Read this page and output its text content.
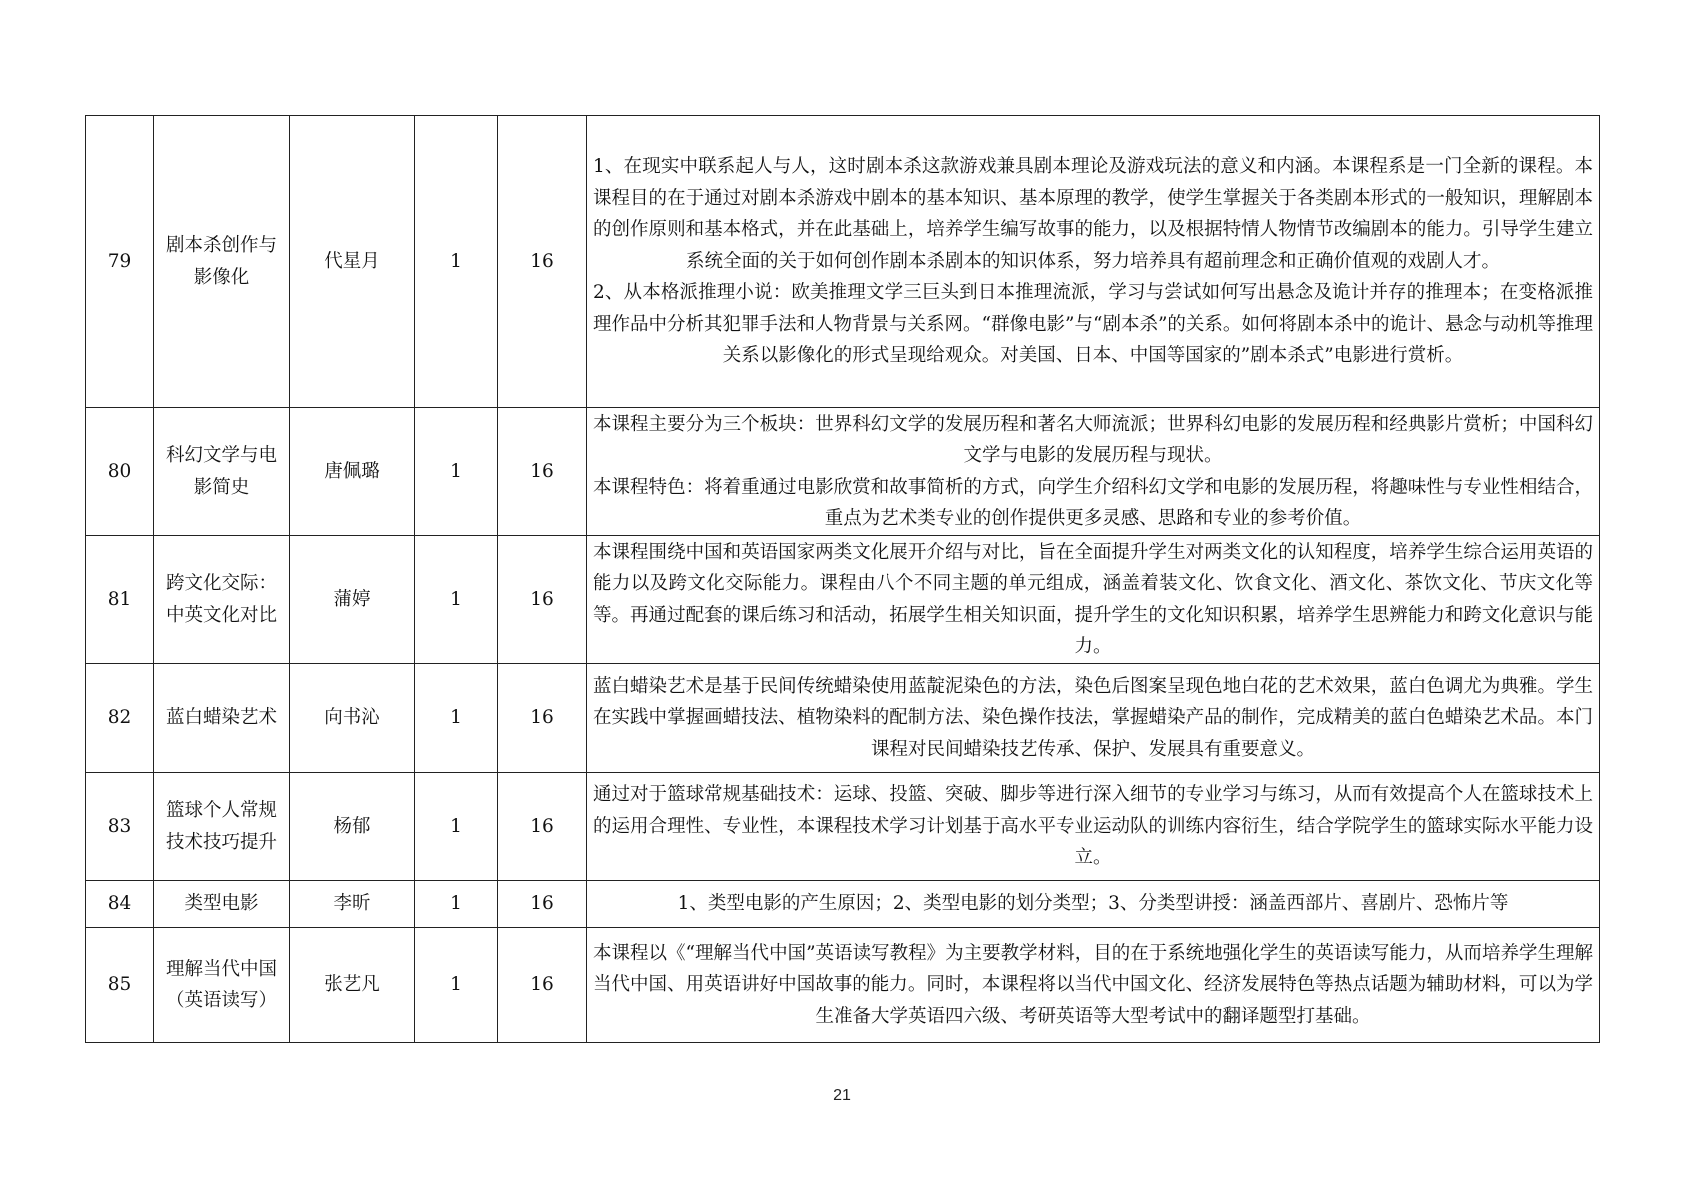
79	剧本杀创作与影像化	代星月	1	16	1、在现实中联系起人与人，这时剧本杀这款游戏兼具剧本理论及游戏玩法的意义和内涵。本课程系是一门全新的课程。本课程目的在于通过对剧本杀游戏中剧本的基本知识、基本原理的教学，使学生掌握关于各类剧本形式的一般知识，理解剧本的创作原则和基本格式，并在此基础上，培养学生编写故事的能力，以及根据特情人物情节改编剧本的能力。引导学生建立系统全面的关于如何创作剧本杀剧本的知识体系，努力培养具有超前理念和正确价值观的戏剧人才。

2、从本格派推理小说：欧美推理文学三巨头到日本推理流派，学习与尝试如何写出悬念及诡计并存的推理本；在变格派推理作品中分析其犯罪手法和人物背景与关系网。“群像电影”与“剧本杀”的关系。如何将剧本杀中的诡计、悬念与动机等推理关系以影像化的形式呈现给观众。对美国、日本、中国等国家的”剧本杀式”电影进行赏析。

80	科幻文学与电影简史	唐佩璐	1	16	本课程主要分为三个板块：世界科幻文学的发展历程和著名大师流派；世界科幻电影的发展历程和经典影片赏析；中国科幻文学与电影的发展历程与现状。

本课程特色：将着重通过电影欣赏和故事简析的方式，向学生介绍科幻文学和电影的发展历程，将趣味性与专业性相结合，重点为艺术类专业的创作提供更多灵感、思路和专业的参考价值。

81	跨文化交际：中英文化对比	蒲婷	1	16	本课程围绕中国和英语国家两类文化展开介绍与对比，旨在全面提升学生对两类文化的认知程度，培养学生综合运用英语的能力以及跨文化交际能力。课程由八个不同主题的单元组成，涵盖着装文化、饮食文化、酒文化、茶饮文化、节庆文化等等。再通过配套的课后练习和活动，拓展学生相关知识面，提升学生的文化知识积累，培养学生思辨能力和跨文化意识与能力。

82	蓝白蜡染艺术	向书沁	1	16	蓝白蜡染艺术是基于民间传统蜡染使用蓝靛泥染色的方法，染色后图案呈现色地白花的艺术效果，蓝白色调尤为典雅。学生在实践中掌握画蜡技法、植物染料的配制方法、染色操作技法，掌握蜡染产品的制作，完成精美的蓝白色蜡染艺术品。本门课程对民间蜡染技艺传承、保护、发展具有重要意义。

83	篮球个人常规技术技巧提升	杨郁	1	16	通过对于篮球常规基础技术：运球、投篮、突破、脚步等进行深入细节的专业学习与练习，从而有效提高个人在篮球技术上的运用合理性、专业性，本课程技术学习计划基于高水平专业运动队的训练内容衍生，结合学院学生的篮球实际水平能力设立。

84	类型电影	李昕	1	16	1、类型电影的产生原因；2、类型电影的划分类型；3、分类型讲授：涵盖西部片、喜剧片、恐怖片等

85	理解当代中国（英语读写）	张艺凡	1	16	本课程以《“理解当代中国”英语读写教程》为主要教学材料，目的在于系统地强化学生的英语读写能力，从而培养学生理解当代中国、用英语讲好中国故事的能力。同时，本课程将以当代中国文化、经济发展特色等热点话题为辅助材料，可以为学生准备大学英语四六级、考研英语等大型考试中的翻译题型打基础。

21
